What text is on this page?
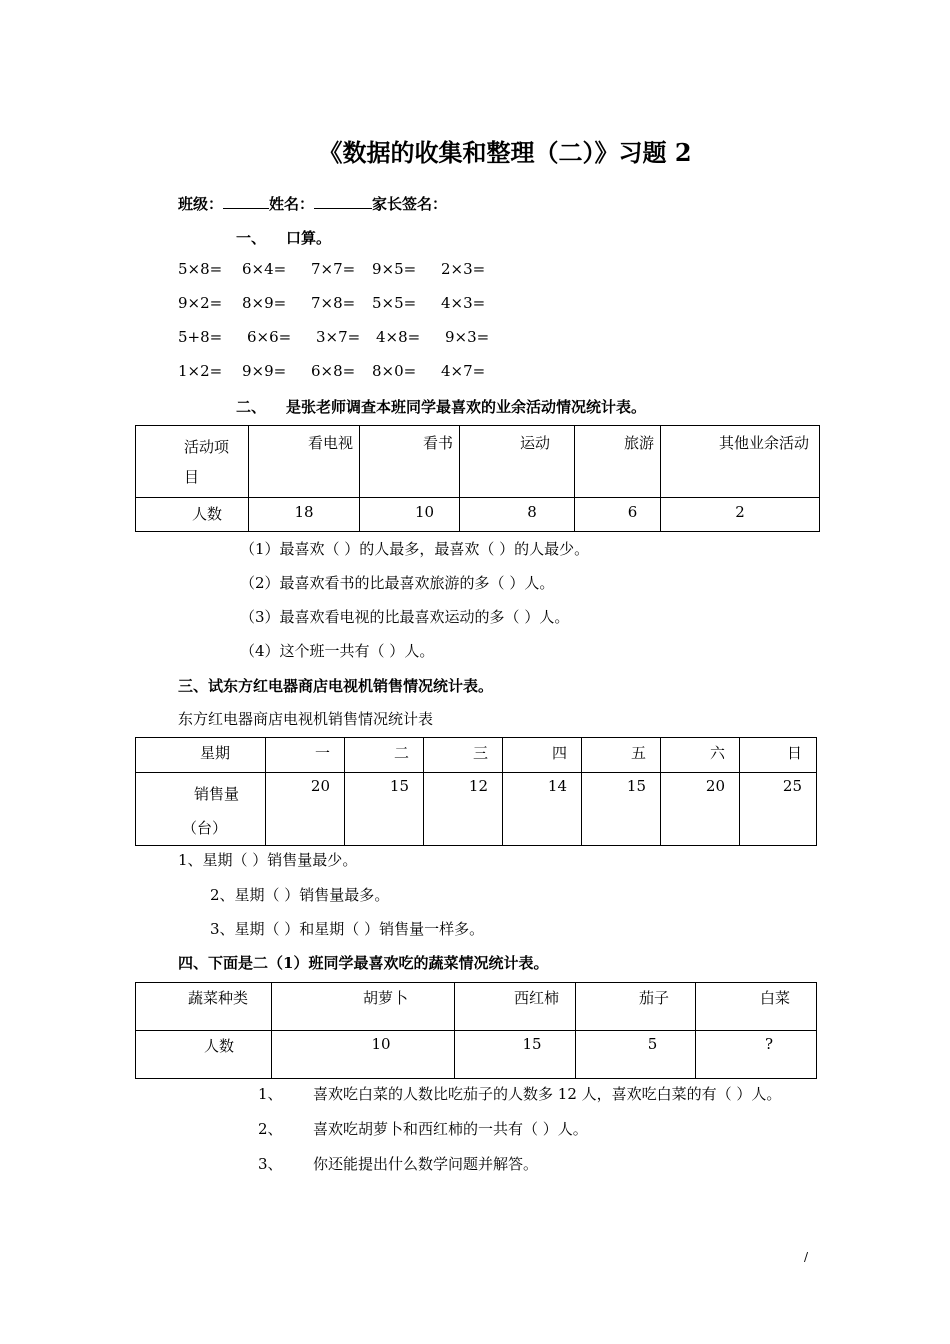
《数据的收集和整理（二）》习题 2
班级：	姓名：	家长签名：
一、 口算。
5×8= 6×4= 7×7= 9×5= 2×3=
9×2= 8×9= 7×8= 5×5= 4×3=
5+8= 6×6= 3×7= 4×8= 9×3=
1×2= 9×9= 6×8= 8×0= 4×7=
二、 是张老师调查本班同学最喜欢的业余活动情况统计表。
活动项
目	看电视	看书	运动	旅游	其他业余活动
人数	18	10	8	6	2
（1）最喜欢（ ）的人最多，最喜欢（ ）的人最少。
（2）最喜欢看书的比最喜欢旅游的多（ ）人。
（3）最喜欢看电视的比最喜欢运动的多（ ）人。
（4）这个班一共有（ ）人。
三、试东方红电器商店电视机销售情况统计表。
东方红电器商店电视机销售情况统计表
星期	一	二	三	四	五	六	日

销售量
（台）	20	15	12	14	15	20	25
1、星期（ ）销售量最少。
2、星期（ ）销售量最多。
3、星期（ ）和星期（ ）销售量一样多。
四、下面是二（1）班同学最喜欢吃的蔬菜情况统计表。
蔬菜种类	胡萝卜	西红柿	茄子	白菜
人数	10	15	5	?
1、 喜欢吃白菜的人数比吃茄子的人数多 12 人，喜欢吃白菜的有（ ）人。
2、 喜欢吃胡萝卜和西红柿的一共有（ ）人。
3、 你还能提出什么数学问题并解答。
/
